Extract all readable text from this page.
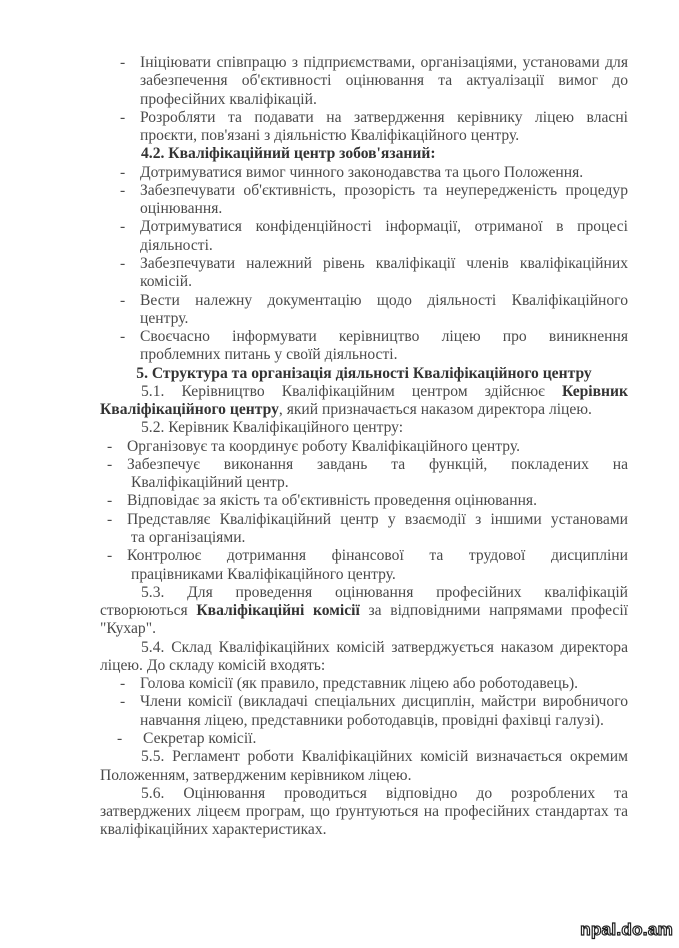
- Ініціювати співпрацю з підприємствами, організаціями, установами для
забезпечення об'єктивності оцінювання та актуалізації вимог до
професійних кваліфікацій.
- Розробляти та подавати на затвердження керівнику ліцею власні
проєкти, пов'язані з діяльністю Кваліфікаційного центру.
4.2. Кваліфікаційний центр зобов'язаний:
- Дотримуватися вимог чинного законодавства та цього Положення.
- Забезпечувати об'єктивність, прозорість та неупередженість процедур
оцінювання.
- Дотримуватися конфіденційності інформації, отриманої в процесі
діяльності.
- Забезпечувати належний рівень кваліфікації членів кваліфікаційних
комісій.
- Вести належну документацію щодо діяльності Кваліфікаційного
центру.
- Своєчасно інформувати керівництво ліцею про виникнення
проблемних питань у своїй діяльності.
5. Структура та організація діяльності Кваліфікаційного центру
5.1. Керівництво Кваліфікаційним центром здійснює Керівник
Кваліфікаційного центру, який призначається наказом директора ліцею.
5.2. Керівник Кваліфікаційного центру:
- Організовує та координує роботу Кваліфікаційного центру.
- Забезпечує виконання завдань та функцій, покладених на
Кваліфікаційний центр.
- Відповідає за якість та об'єктивність проведення оцінювання.
- Представляє Кваліфікаційний центр у взаємодії з іншими установами
та організаціями.
- Контролює дотримання фінансової та трудової дисципліни
працівниками Кваліфікаційного центру.
5.3. Для проведення оцінювання професійних кваліфікацій
створюються Кваліфікаційні комісії за відповідними напрямами професії
"Кухар".
5.4. Склад Кваліфікаційних комісій затверджується наказом директора
ліцею. До складу комісій входять:
- Голова комісії (як правило, представник ліцею або роботодавець).
- Члени комісії (викладачі спеціальних дисциплін, майстри виробничого
навчання ліцею, представники роботодавців, провідні фахівці галузі).
- Секретар комісії.
5.5. Регламент роботи Кваліфікаційних комісій визначається окремим
Положенням, затвердженим керівником ліцею.
5.6. Оцінювання проводиться відповідно до розроблених та
затверджених ліцеєм програм, що ґрунтуються на професійних стандартах та
кваліфікаційних характеристиках.
npal.do.am
